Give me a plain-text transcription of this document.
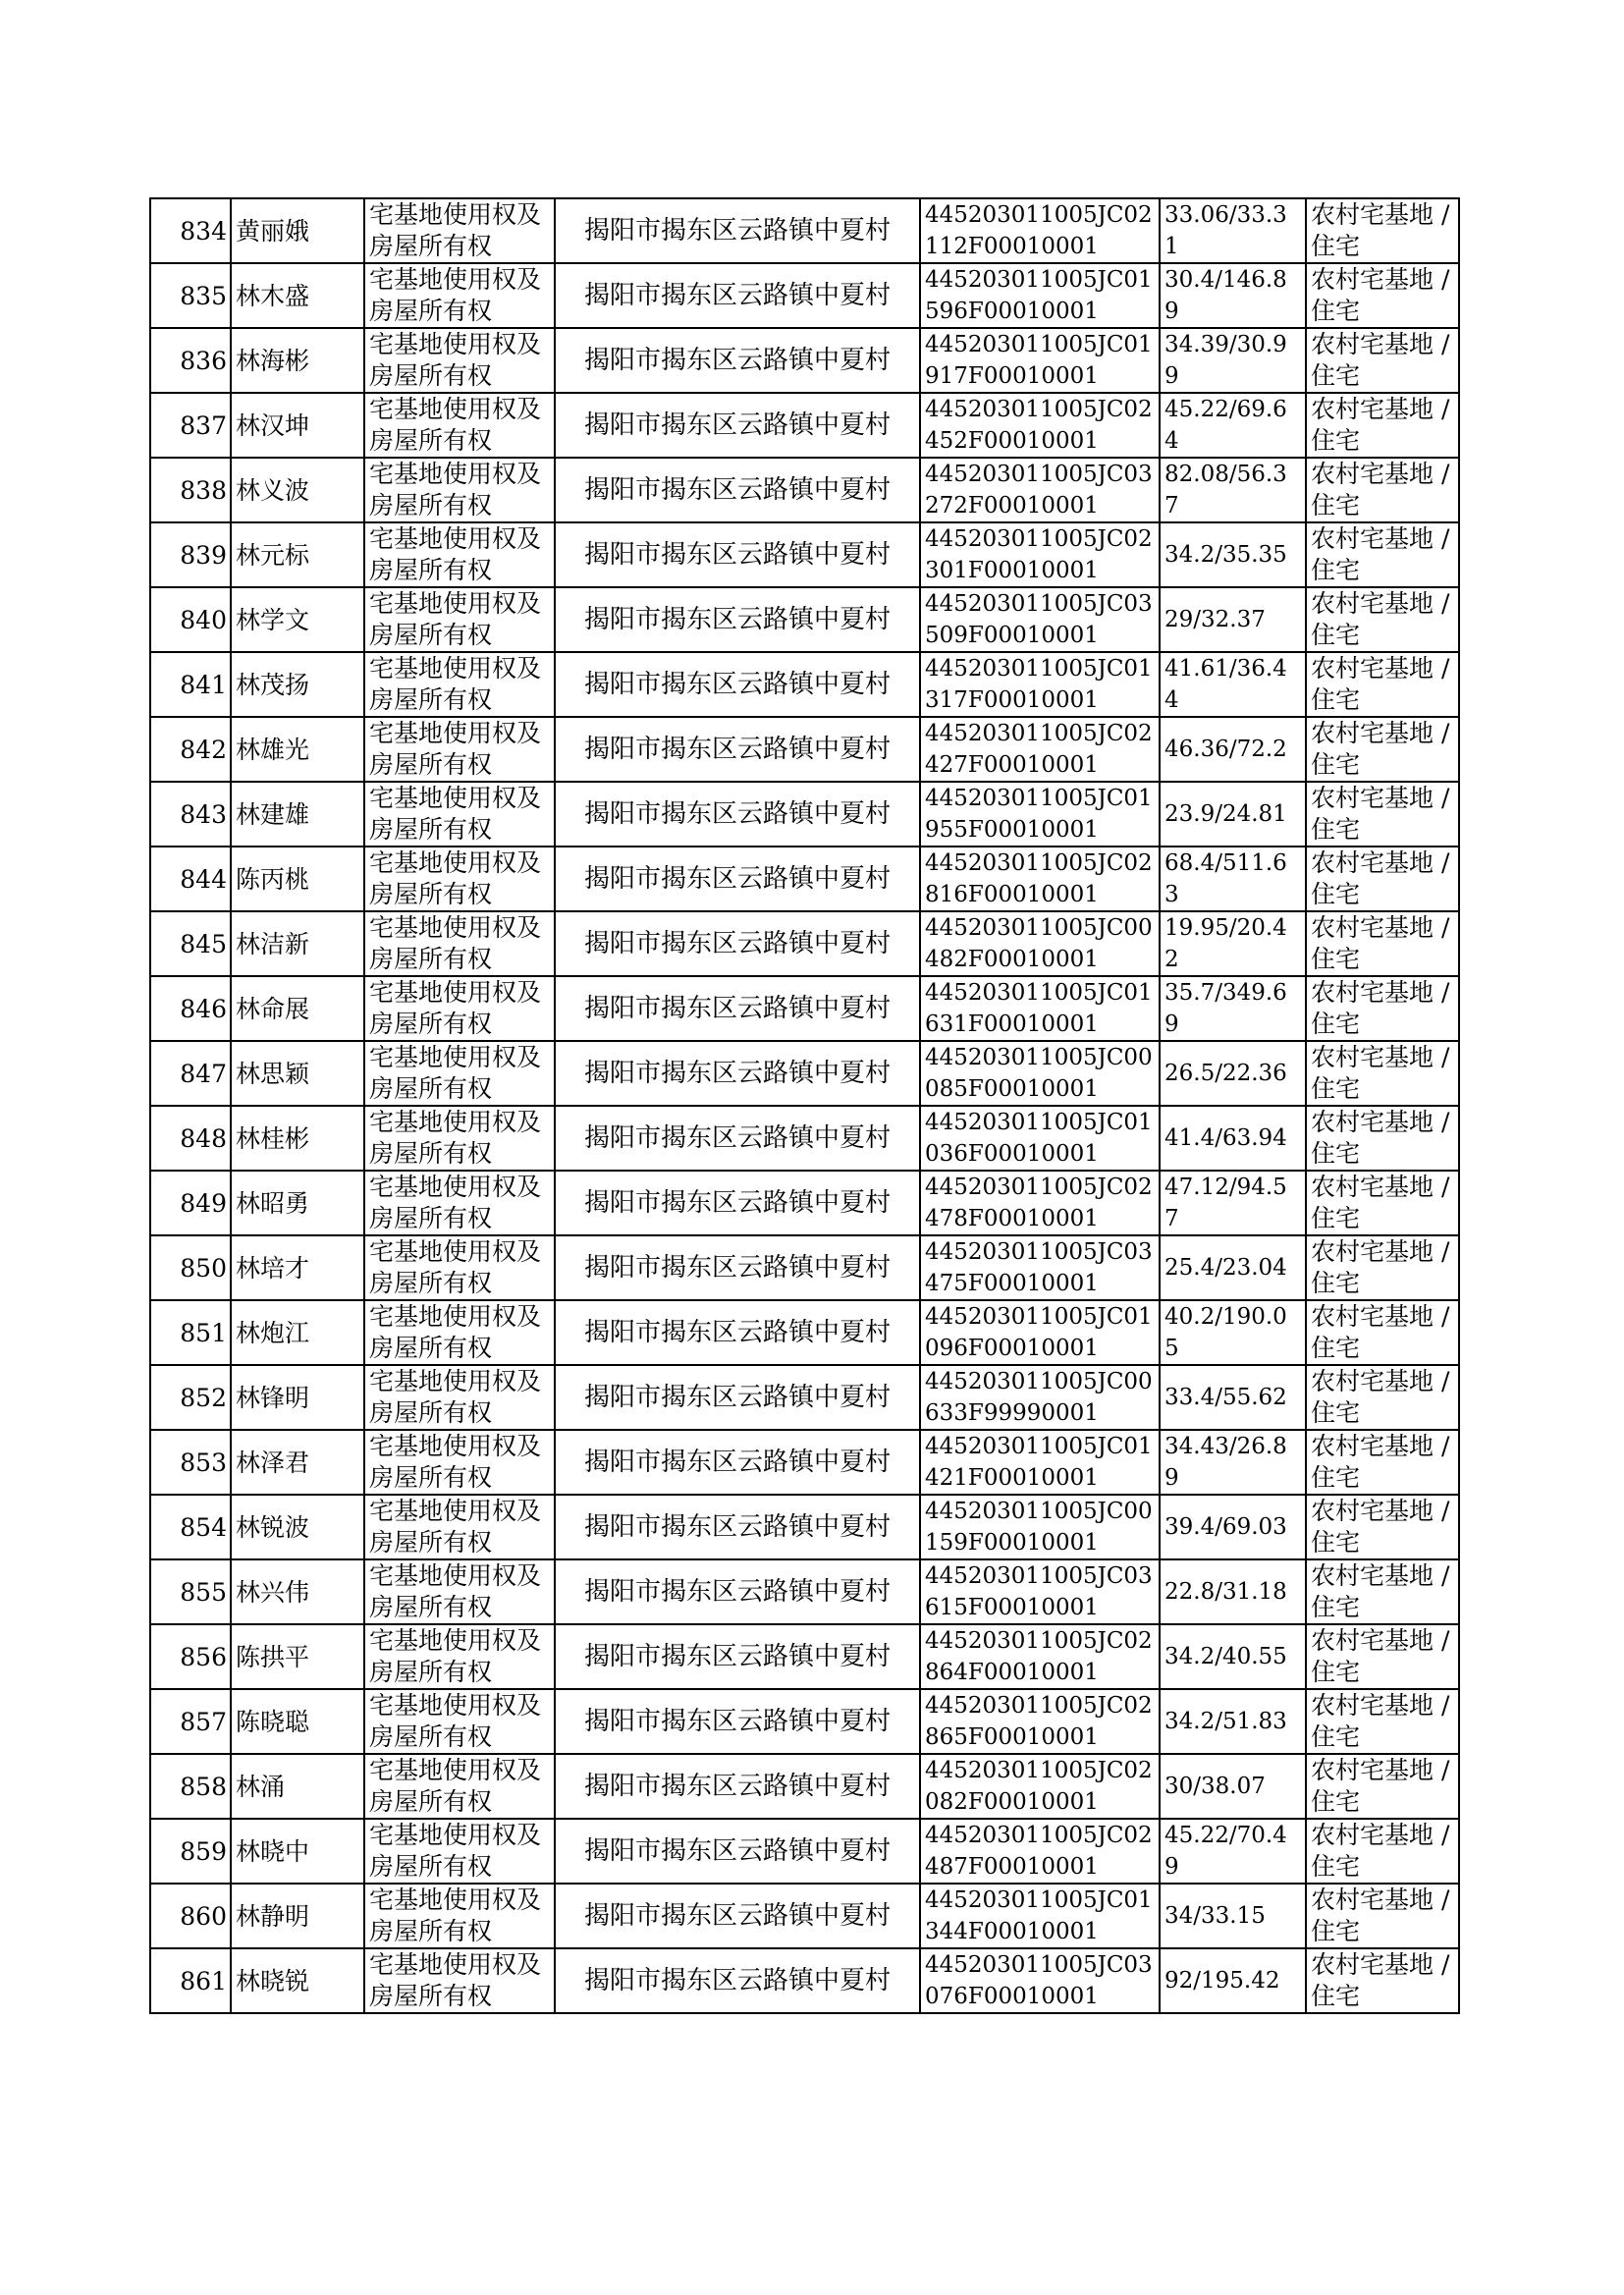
834	黄丽娥	宅基地使用权及房屋所有权	揭阳市揭东区云路镇中夏村	445203011005JC02112F00010001	33.06/33.31	农村宅基地 / 住宅
835	林木盛	宅基地使用权及房屋所有权	揭阳市揭东区云路镇中夏村	445203011005JC01596F00010001	30.4/146.89	农村宅基地 / 住宅
836	林海彬	宅基地使用权及房屋所有权	揭阳市揭东区云路镇中夏村	445203011005JC01917F00010001	34.39/30.99	农村宅基地 / 住宅
837	林汉坤	宅基地使用权及房屋所有权	揭阳市揭东区云路镇中夏村	445203011005JC02452F00010001	45.22/69.64	农村宅基地 / 住宅
838	林义波	宅基地使用权及房屋所有权	揭阳市揭东区云路镇中夏村	445203011005JC03272F00010001	82.08/56.37	农村宅基地 / 住宅
839	林元标	宅基地使用权及房屋所有权	揭阳市揭东区云路镇中夏村	445203011005JC02301F00010001	34.2/35.35	农村宅基地 / 住宅
840	林学文	宅基地使用权及房屋所有权	揭阳市揭东区云路镇中夏村	445203011005JC03509F00010001	29/32.37	农村宅基地 / 住宅
841	林茂扬	宅基地使用权及房屋所有权	揭阳市揭东区云路镇中夏村	445203011005JC01317F00010001	41.61/36.44	农村宅基地 / 住宅
842	林雄光	宅基地使用权及房屋所有权	揭阳市揭东区云路镇中夏村	445203011005JC02427F00010001	46.36/72.2	农村宅基地 / 住宅
843	林建雄	宅基地使用权及房屋所有权	揭阳市揭东区云路镇中夏村	445203011005JC01955F00010001	23.9/24.81	农村宅基地 / 住宅
844	陈丙桃	宅基地使用权及房屋所有权	揭阳市揭东区云路镇中夏村	445203011005JC02816F00010001	68.4/511.63	农村宅基地 / 住宅
845	林洁新	宅基地使用权及房屋所有权	揭阳市揭东区云路镇中夏村	445203011005JC00482F00010001	19.95/20.42	农村宅基地 / 住宅
846	林命展	宅基地使用权及房屋所有权	揭阳市揭东区云路镇中夏村	445203011005JC01631F00010001	35.7/349.69	农村宅基地 / 住宅
847	林思颖	宅基地使用权及房屋所有权	揭阳市揭东区云路镇中夏村	445203011005JC00085F00010001	26.5/22.36	农村宅基地 / 住宅
848	林桂彬	宅基地使用权及房屋所有权	揭阳市揭东区云路镇中夏村	445203011005JC01036F00010001	41.4/63.94	农村宅基地 / 住宅
849	林昭勇	宅基地使用权及房屋所有权	揭阳市揭东区云路镇中夏村	445203011005JC02478F00010001	47.12/94.57	农村宅基地 / 住宅
850	林培才	宅基地使用权及房屋所有权	揭阳市揭东区云路镇中夏村	445203011005JC03475F00010001	25.4/23.04	农村宅基地 / 住宅
851	林炮江	宅基地使用权及房屋所有权	揭阳市揭东区云路镇中夏村	445203011005JC01096F00010001	40.2/190.05	农村宅基地 / 住宅
852	林锋明	宅基地使用权及房屋所有权	揭阳市揭东区云路镇中夏村	445203011005JC00633F99990001	33.4/55.62	农村宅基地 / 住宅
853	林泽君	宅基地使用权及房屋所有权	揭阳市揭东区云路镇中夏村	445203011005JC01421F00010001	34.43/26.89	农村宅基地 / 住宅
854	林锐波	宅基地使用权及房屋所有权	揭阳市揭东区云路镇中夏村	445203011005JC00159F00010001	39.4/69.03	农村宅基地 / 住宅
855	林兴伟	宅基地使用权及房屋所有权	揭阳市揭东区云路镇中夏村	445203011005JC03615F00010001	22.8/31.18	农村宅基地 / 住宅
856	陈拱平	宅基地使用权及房屋所有权	揭阳市揭东区云路镇中夏村	445203011005JC02864F00010001	34.2/40.55	农村宅基地 / 住宅
857	陈晓聪	宅基地使用权及房屋所有权	揭阳市揭东区云路镇中夏村	445203011005JC02865F00010001	34.2/51.83	农村宅基地 / 住宅
858	林涌	宅基地使用权及房屋所有权	揭阳市揭东区云路镇中夏村	445203011005JC02082F00010001	30/38.07	农村宅基地 / 住宅
859	林晓中	宅基地使用权及房屋所有权	揭阳市揭东区云路镇中夏村	445203011005JC02487F00010001	45.22/70.49	农村宅基地 / 住宅
860	林静明	宅基地使用权及房屋所有权	揭阳市揭东区云路镇中夏村	445203011005JC01344F00010001	34/33.15	农村宅基地 / 住宅
861	林晓锐	宅基地使用权及房屋所有权	揭阳市揭东区云路镇中夏村	445203011005JC03076F00010001	92/195.42	农村宅基地 / 住宅
